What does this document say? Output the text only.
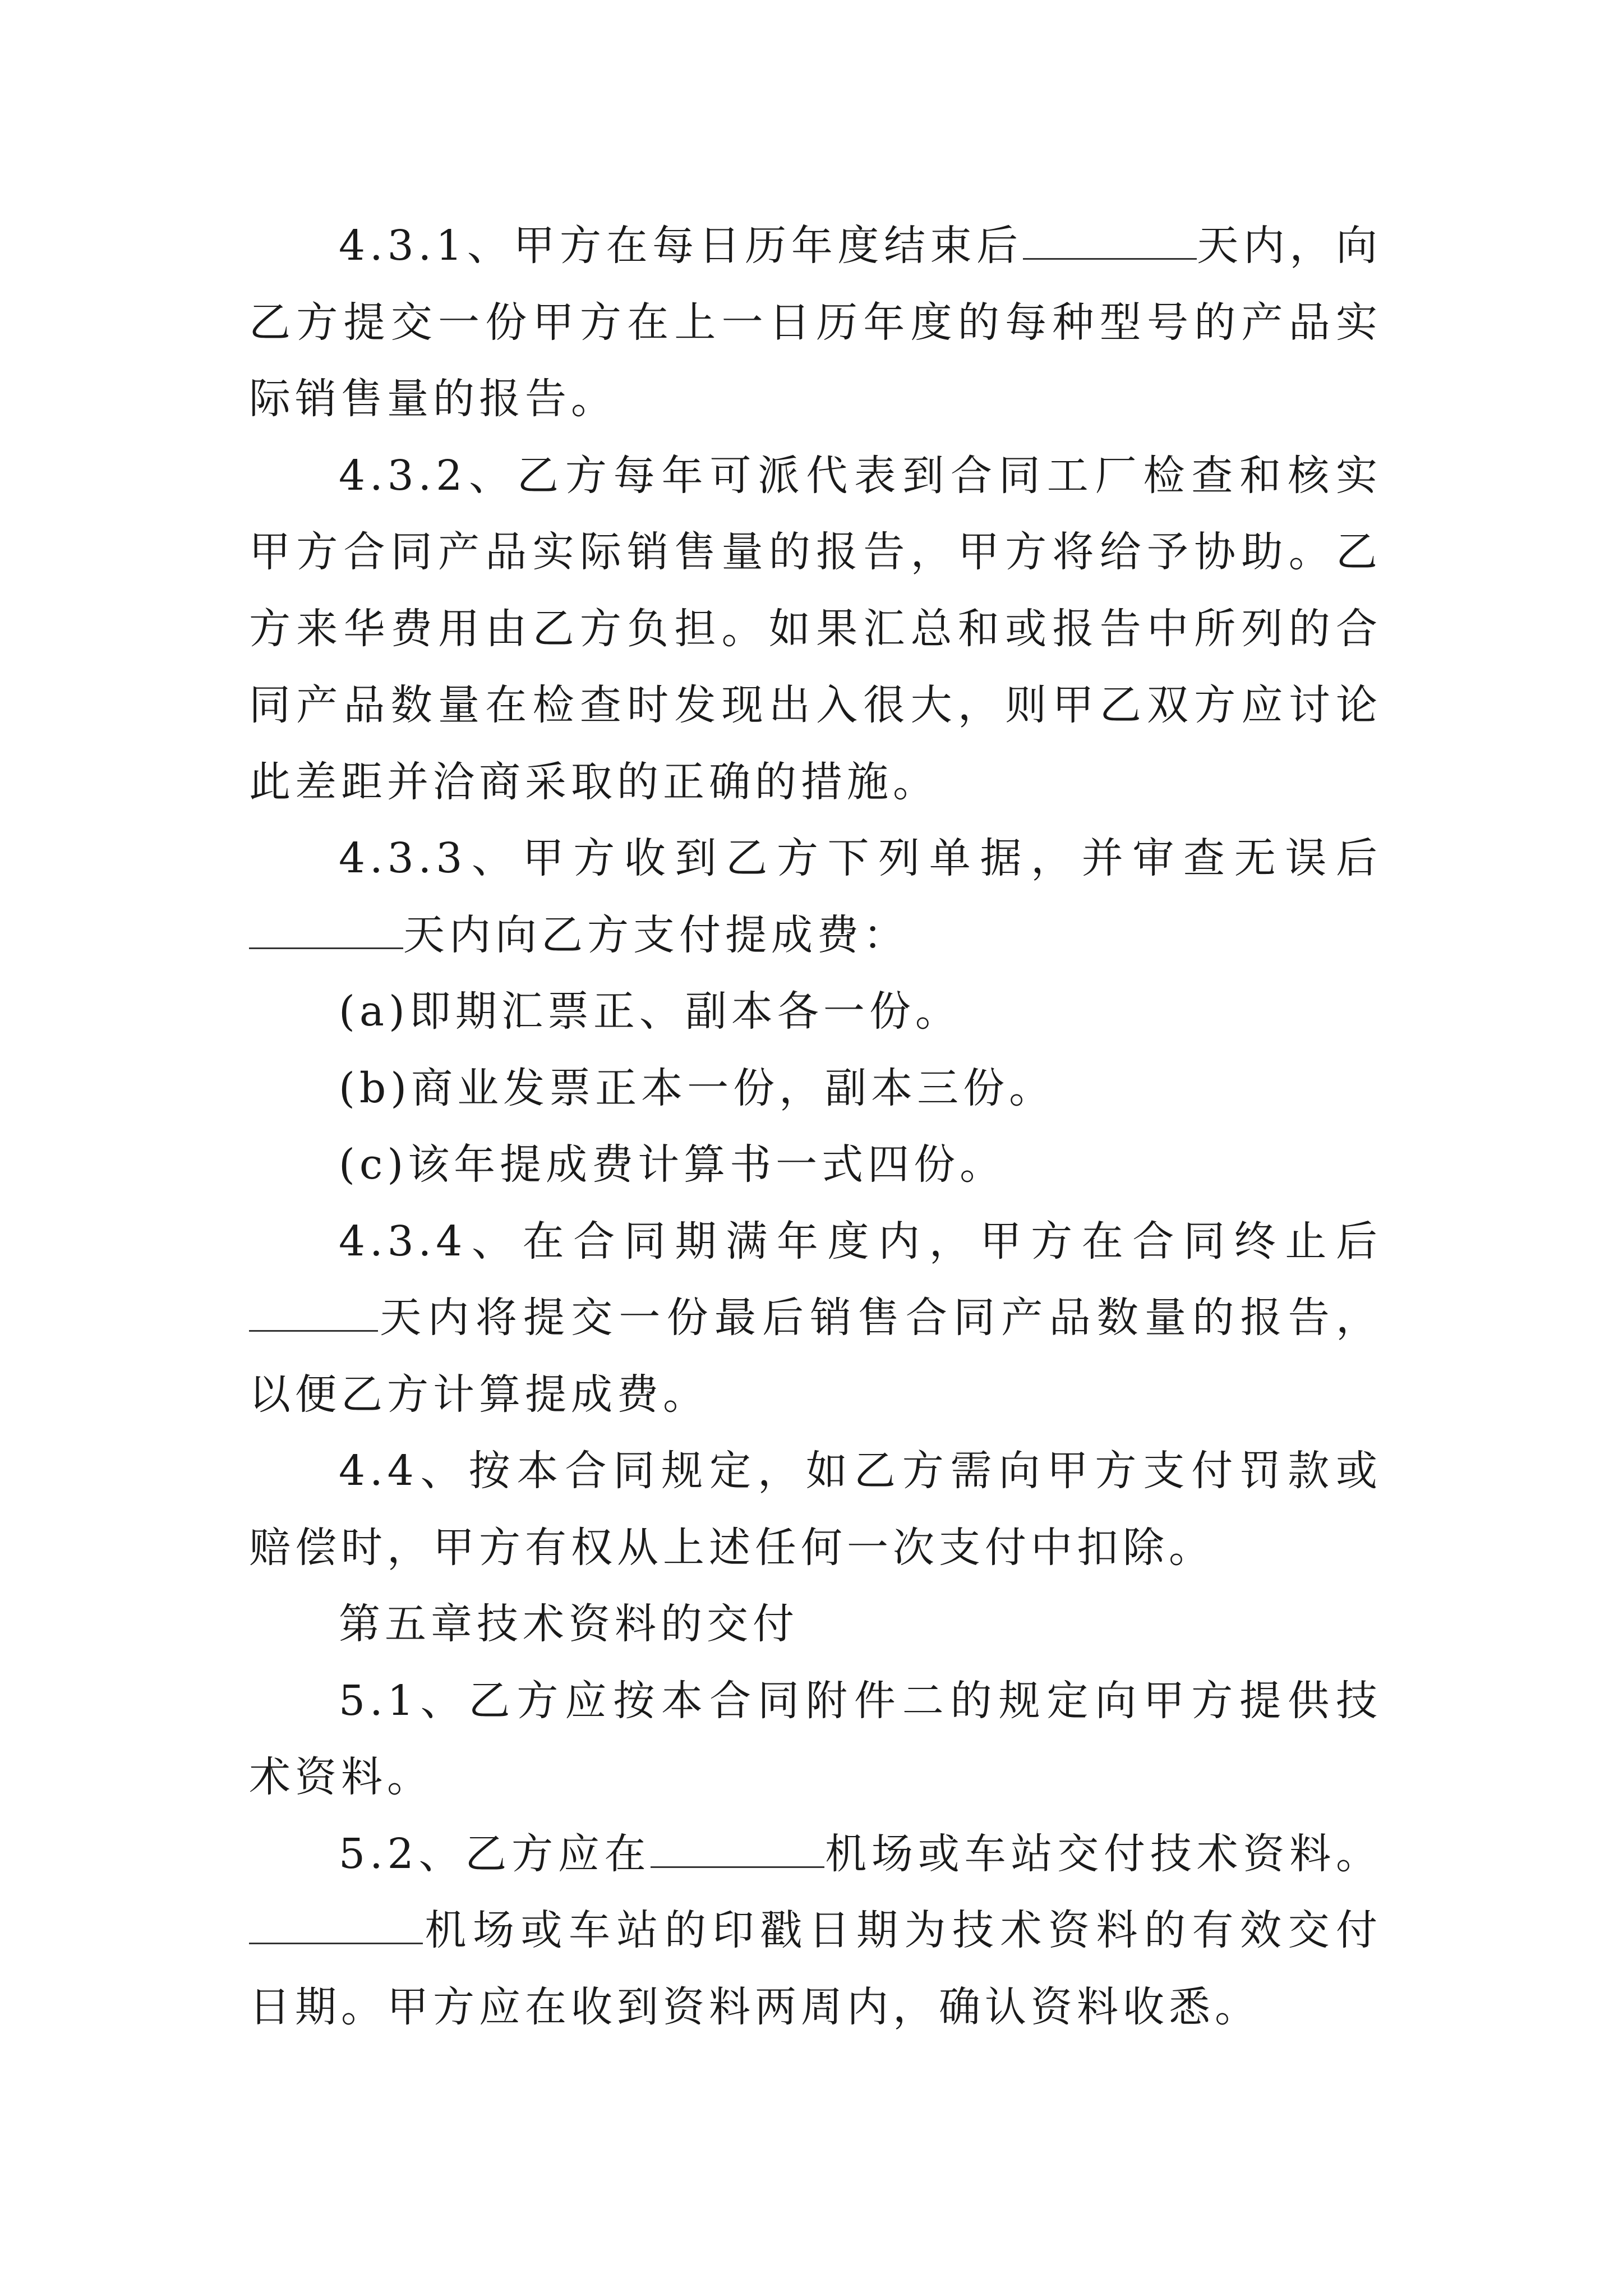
4.3.1、甲方在每日历年度结束后	天内，向乙方提交一份甲方在上一日历年度的每种型号的产品实际销售量的报告。

4.3.2、乙方每年可派代表到合同工厂检查和核实甲方合同产品实际销售量的报告，甲方将给予协助。乙方来华费用由乙方负担。如果汇总和或报告中所列的合同产品数量在检查时发现出入很大，则甲乙双方应讨论此差距并洽商采取的正确的措施。

4.3.3、甲方收到乙方下列单据，并审查无误后天内向乙方支付提成费：

(a)即期汇票正、副本各一份。

(b)商业发票正本一份，副本三份。

(c)该年提成费计算书一式四份。

4.3.4、在合同期满年度内，甲方在合同终止后天内将提交一份最后销售合同产品数量的报告，以便乙方计算提成费。

4.4、按本合同规定，如乙方需向甲方支付罚款或赔偿时，甲方有权从上述任何一次支付中扣除。

第五章技术资料的交付

5.1、乙方应按本合同附件二的规定向甲方提供技术资料。

5.2、乙方应在	机场或车站交付技术资料。机场或车站的印戳日期为技术资料的有效交付日期。甲方应在收到资料两周内，确认资料收悉。
